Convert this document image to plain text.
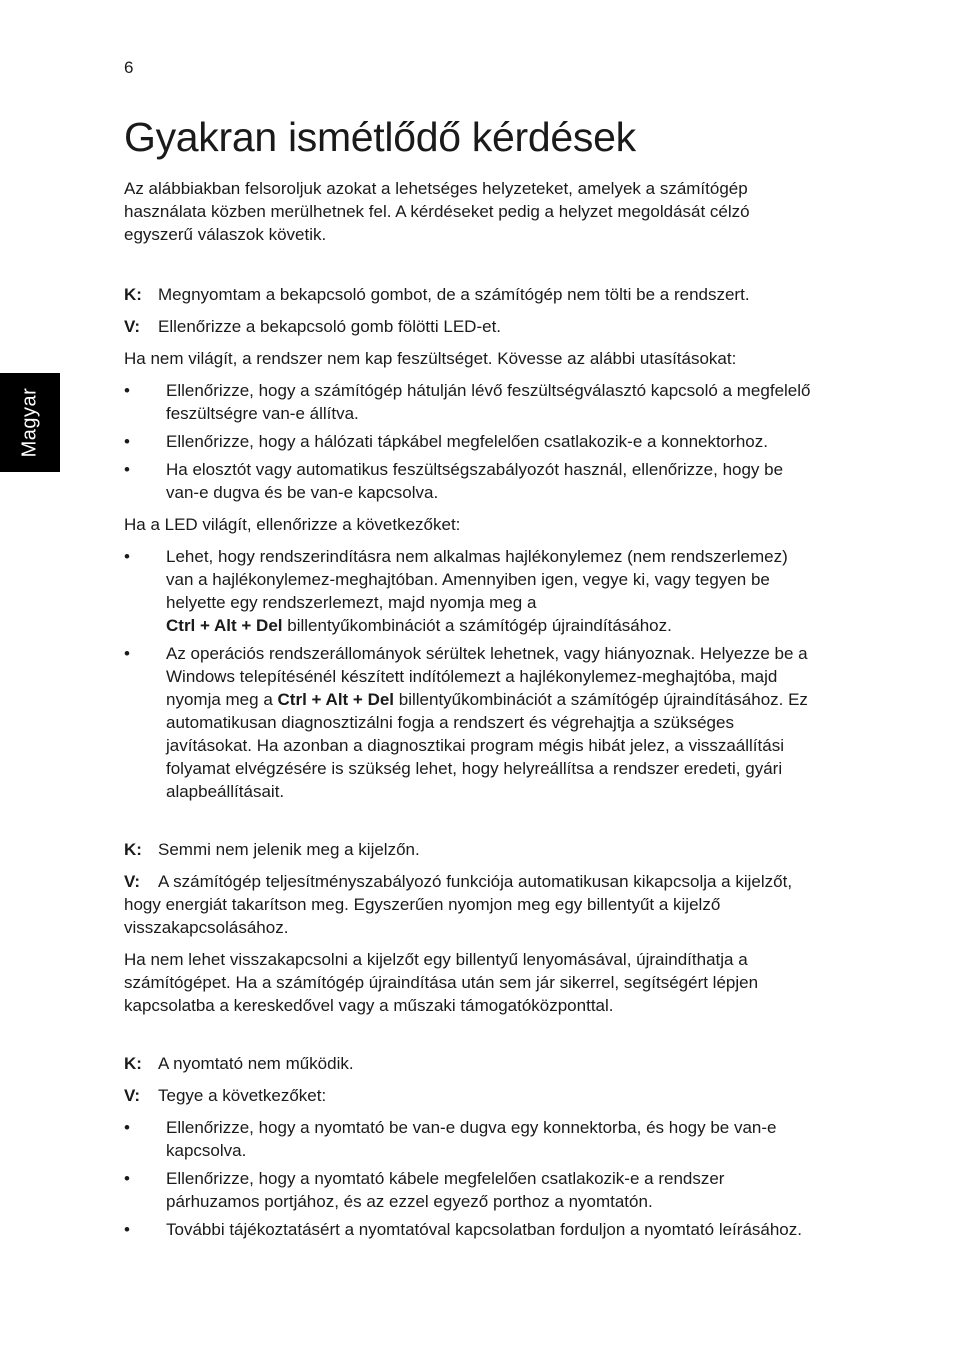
6
Magyar
Gyakran ismétlődő kérdések

Az alábbiakban felsoroljuk azokat a lehetséges helyzeteket, amelyek a számítógép használata közben merülhetnek fel. A kérdéseket pedig a helyzet megoldását célzó egyszerű válaszok követik.

K: Megnyomtam a bekapcsoló gombot, de a számítógép nem tölti be a rendszert.

V: Ellenőrizze a bekapcsoló gomb fölötti LED-et.

Ha nem világít, a rendszer nem kap feszültséget. Kövesse az alábbi utasításokat:

• Ellenőrizze, hogy a számítógép hátulján lévő feszültségválasztó kapcsoló a megfelelő feszültségre van-e állítva.
• Ellenőrizze, hogy a hálózati tápkábel megfelelően csatlakozik-e a konnektorhoz.
• Ha elosztót vagy automatikus feszültségszabályozót használ, ellenőrizze, hogy be van-e dugva és be van-e kapcsolva.

Ha a LED világít, ellenőrizze a következőket:

• Lehet, hogy rendszerindításra nem alkalmas hajlékonylemez (nem rendszerlemez) van a hajlékonylemez-meghajtóban. Amennyiben igen, vegye ki, vagy tegyen be helyette egy rendszerlemezt, majd nyomja meg a
Ctrl + Alt + Del billentyűkombinációt a számítógép újraindításához.
• Az operációs rendszerállományok sérültek lehetnek, vagy hiányoznak. Helyezze be a Windows telepítésénél készített indítólemezt a hajlékonylemez-meghajtóba, majd nyomja meg a Ctrl + Alt + Del billentyűkombinációt a számítógép újraindításához. Ez automatikusan diagnosztizálni fogja a rendszert és végrehajtja a szükséges javításokat. Ha azonban a diagnosztikai program mégis hibát jelez, a visszaállítási folyamat elvégzésére is szükség lehet, hogy helyreállítsa a rendszer eredeti, gyári alapbeállításait.

K: Semmi nem jelenik meg a kijelzőn.

V: A számítógép teljesítményszabályozó funkciója automatikusan kikapcsolja a kijelzőt, hogy energiát takarítson meg. Egyszerűen nyomjon meg egy billentyűt a kijelző visszakapcsolásához.

Ha nem lehet visszakapcsolni a kijelzőt egy billentyű lenyomásával, újraindíthatja a számítógépet. Ha a számítógép újraindítása után sem jár sikerrel, segítségért lépjen kapcsolatba a kereskedővel vagy a műszaki támogatóközponttal.

K: A nyomtató nem működik.

V: Tegye a következőket:

• Ellenőrizze, hogy a nyomtató be van-e dugva egy konnektorba, és hogy be van-e kapcsolva.
• Ellenőrizze, hogy a nyomtató kábele megfelelően csatlakozik-e a rendszer párhuzamos portjához, és az ezzel egyező porthoz a nyomtatón.
• További tájékoztatásért a nyomtatóval kapcsolatban forduljon a nyomtató leírásához.
